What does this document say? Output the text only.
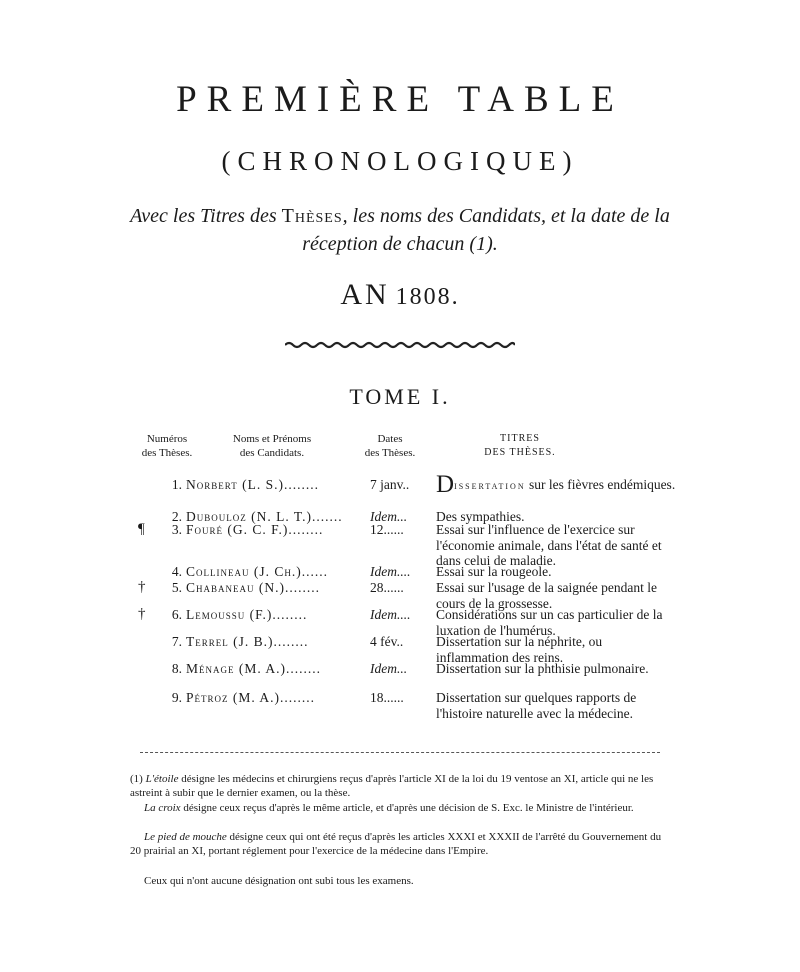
PREMIÈRE TABLE
(CHRONOLOGIQUE)
Avec les Titres des Thèses, les noms des Candidats, et la date de la réception de chacun (1).
AN 1808.
TOME I.
Numéros
des Thèses.
Noms et Prénoms
des Candidats.
Dates
des Thèses.
TITRES
DES THÈSES.
1. Norbert (L. S.)........	7 janv.. Dissertation sur les fièvres endémiques.
2. Dubouloz (N. L. T.)....... Idem... Des sympathies.
¶	3. Fouré (G. C. F.)........	12...... Essai sur l'influence de l'exercice sur l'économie animale, dans l'état de santé et dans celui de maladie.
4. Collineau (J. Ch.)......	Idem.... Essai sur la rougeole.
†	5. Chabaneau (N.)........	28...... Essai sur l'usage de la saignée pendant le cours de la grossesse.
†	6. Lemoussu (F.)........	Idem.... Considérations sur un cas particulier de la luxation de l'humérus.
7. Terrel (J. B.)........	4 fév.. Dissertation sur la néphrite, ou inflammation des reins.
8. Ménage (M. A.)........	Idem... Dissertation sur la phthisie pulmonaire.
9. Pétroz (M. A.)........	18...... Dissertation sur quelques rapports de l'histoire naturelle avec la médecine.
(1) L'étoile désigne les médecins et chirurgiens reçus d'après l'article XI de la loi du 19 ventose an XI, article qui ne les astreint à subir que le dernier examen, ou la thèse.
La croix désigne ceux reçus d'après le même article, et d'après une décision de S. Exc. le Ministre de l'intérieur.
Le pied de mouche désigne ceux qui ont été reçus d'après les articles XXXI et XXXII de l'arrêté du Gouvernement du 20 prairial an XI, portant réglement pour l'exercice de la médecine dans l'Empire.
Ceux qui n'ont aucune désignation ont subi tous les examens.
